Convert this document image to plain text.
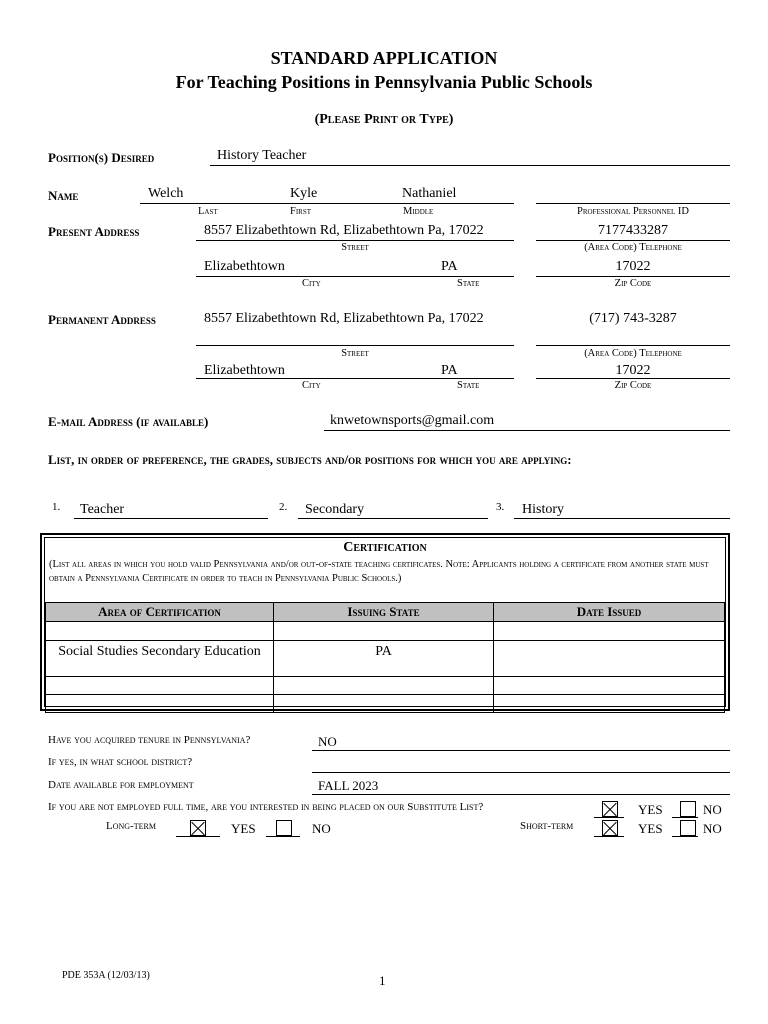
STANDARD APPLICATION
For Teaching Positions in Pennsylvania Public Schools
(Please Print or Type)
Position(s) Desired	History Teacher
Name	Welch	Kyle	Nathaniel
Last	First	Middle	Professional Personnel ID
Present Address	8557 Elizabethtown Rd, Elizabethtown Pa, 17022	7177433287
Street	(Area Code) Telephone
Elizabethtown	PA	17022
City	State	Zip Code
Permanent Address	8557 Elizabethtown Rd, Elizabethtown Pa, 17022	(717) 743-3287
Street	(Area Code) Telephone
Elizabethtown	PA	17022
City	State	Zip Code
E-mail Address (if available)	knwetownsports@gmail.com
List, in order of preference, the grades, subjects and/or positions for which you are applying:
1. Teacher	2. Secondary	3. History
Certification
(List all areas in which you hold valid Pennsylvania and/or out-of-state teaching certificates. Note: Applicants holding a certificate from another state must obtain a Pennsylvania Certificate in order to teach in Pennsylvania Public Schools.)
Area of Certification	Issuing State	Date Issued

Social Studies Secondary Education	PA	

Have you acquired tenure in Pennsylvania?	NO
If yes, in what school district?
Date available for employment	FALL 2023
If you are not employed full time, are you interested in being placed on our Substitute List?	YES	NO
Long-term	YES	NO	Short-term	YES	NO
PDE 353A (12/03/13)	1
